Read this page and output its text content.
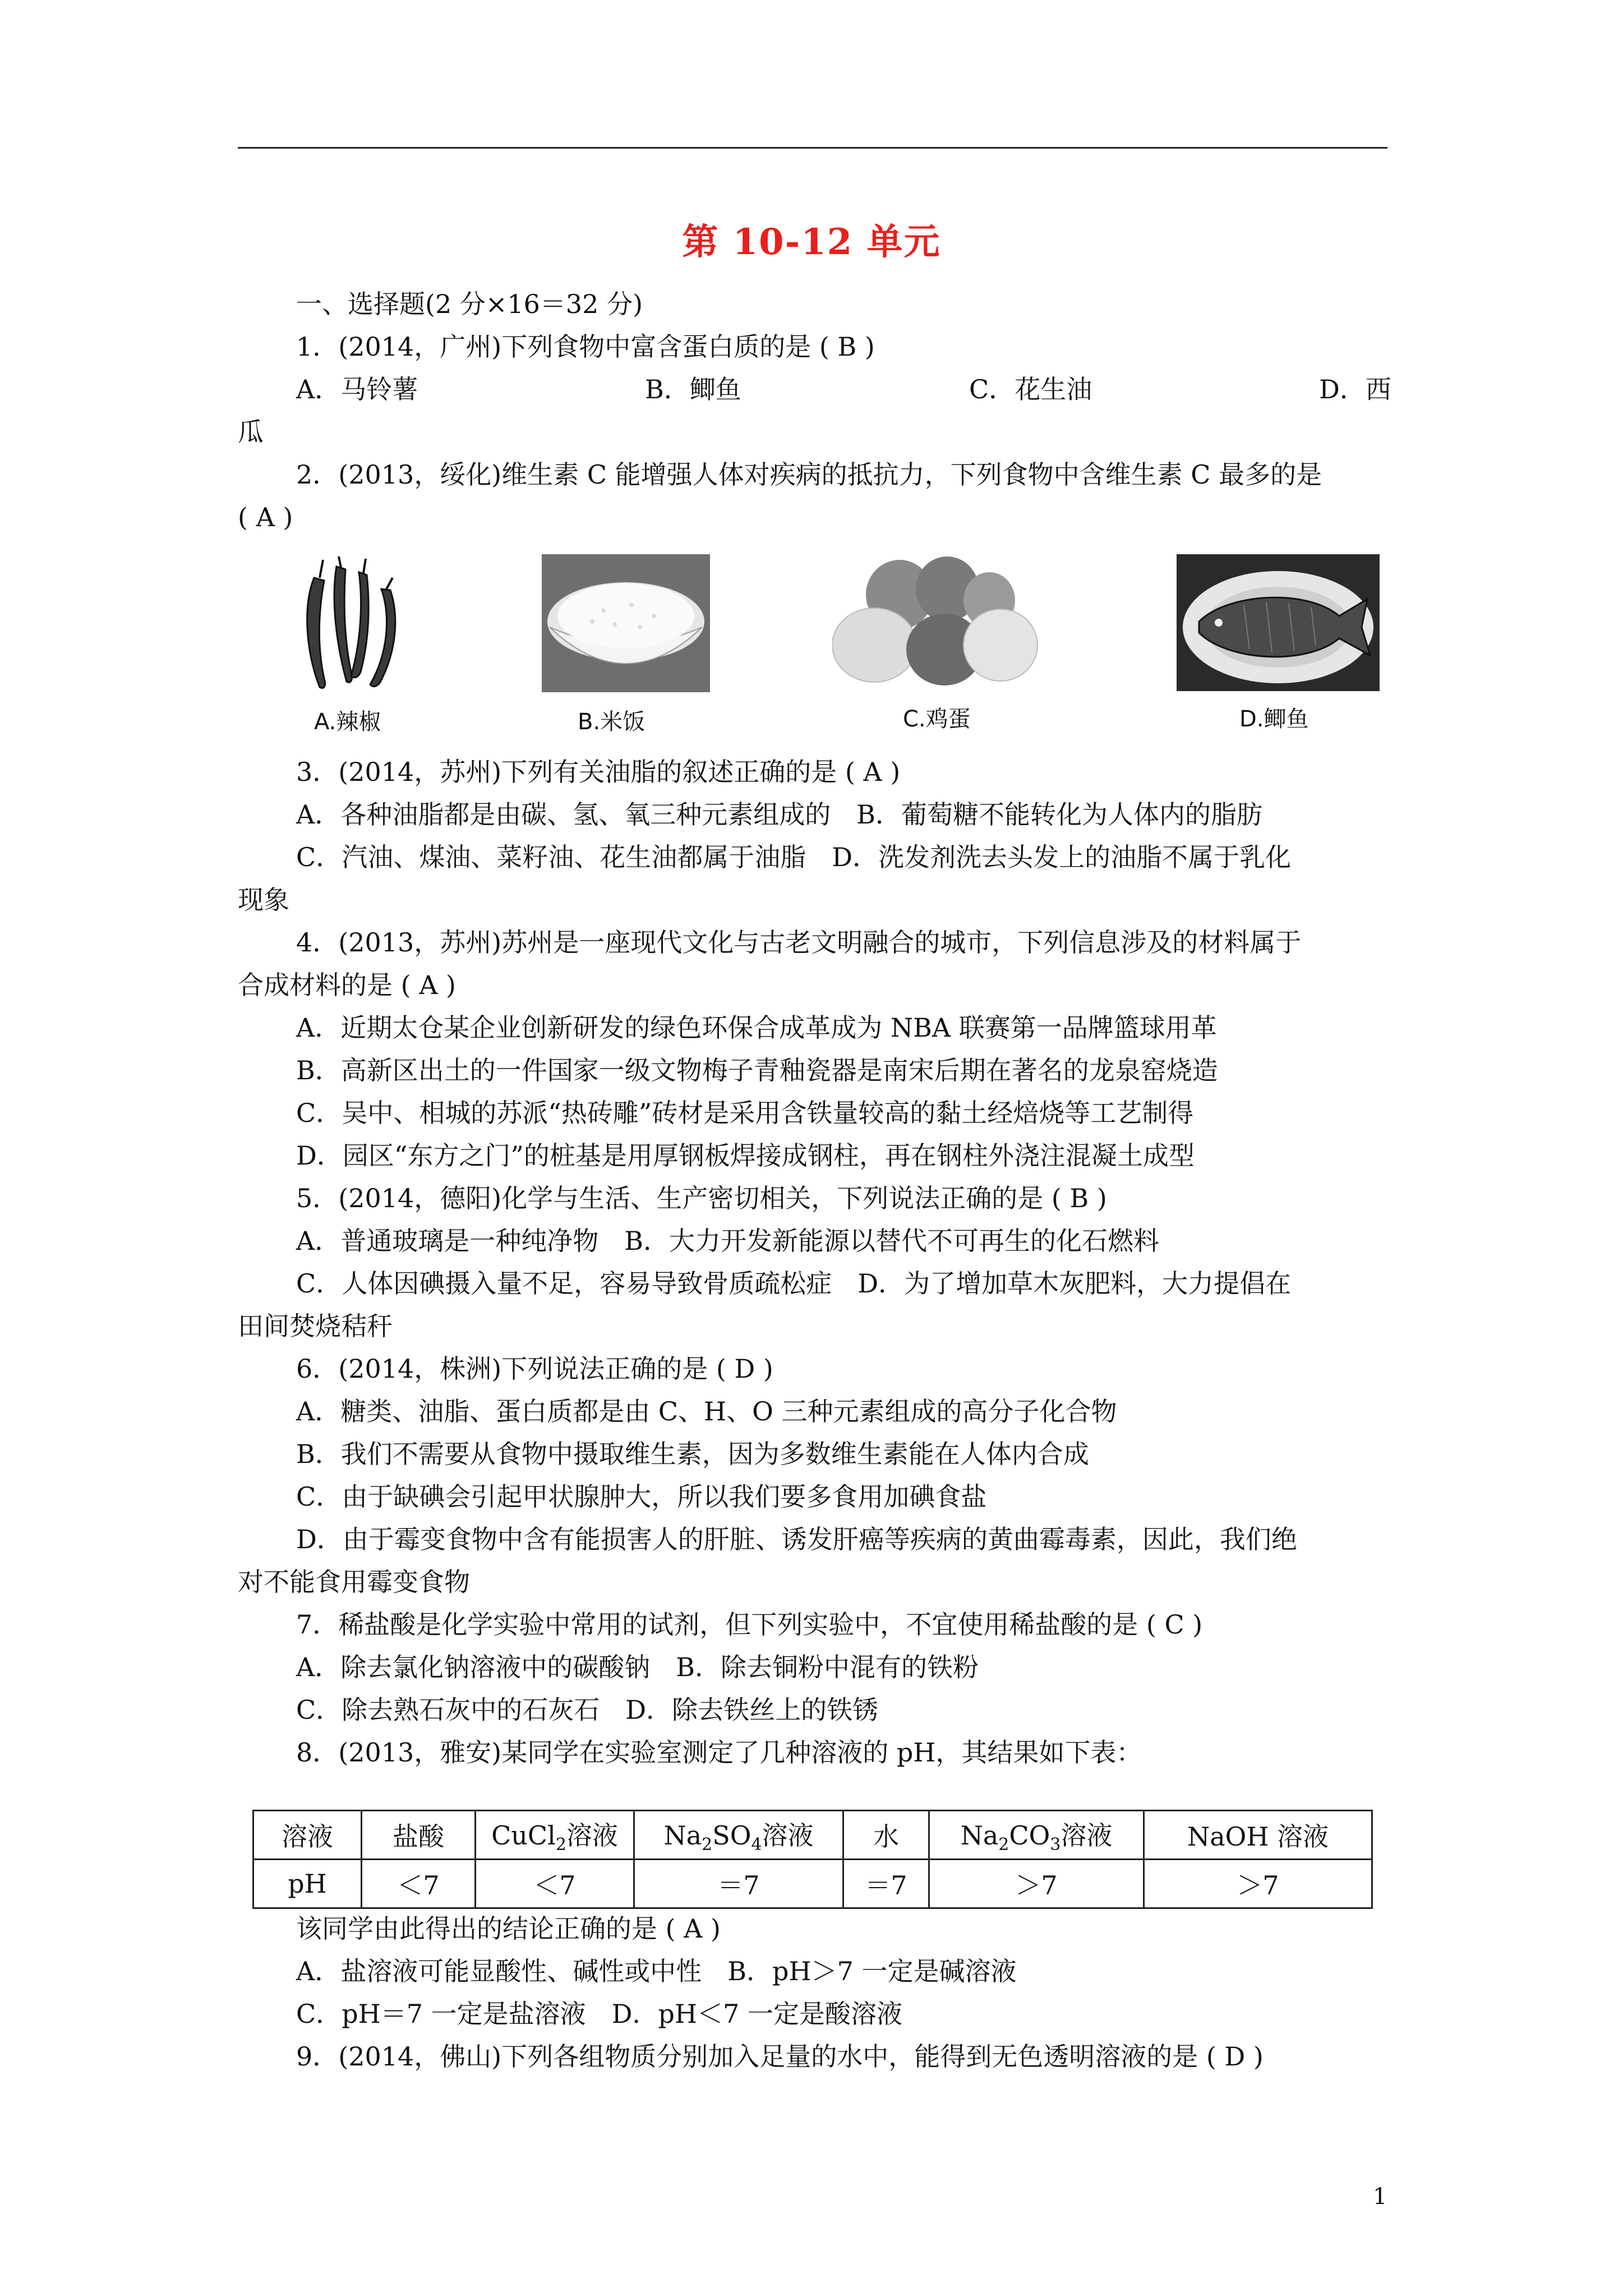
第 10-12 单元
一、选择题(2 分×16＝32 分)
1．(2014，广州)下列食物中富含蛋白质的是 ( B )
A．马铃薯	B．鲫鱼	C．花生油	D．西
瓜
2．(2013，绥化)维生素 C 能增强人体对疾病的抵抗力，下列食物中含维生素 C 最多的是
( A )
A.辣椒	B.米饭	C.鸡蛋	D.鲫鱼
3．(2014，苏州)下列有关油脂的叙述正确的是 ( A )
A．各种油脂都是由碳、氢、氧三种元素组成的　B．葡萄糖不能转化为人体内的脂肪
C．汽油、煤油、菜籽油、花生油都属于油脂　D．洗发剂洗去头发上的油脂不属于乳化
现象
4．(2013，苏州)苏州是一座现代文化与古老文明融合的城市，下列信息涉及的材料属于
合成材料的是 ( A )
A．近期太仓某企业创新研发的绿色环保合成革成为 NBA 联赛第一品牌篮球用革
B．高新区出土的一件国家一级文物梅子青釉瓷器是南宋后期在著名的龙泉窑烧造
C．吴中、相城的苏派“热砖雕”砖材是采用含铁量较高的黏土经焙烧等工艺制得
D．园区“东方之门”的桩基是用厚钢板焊接成钢柱，再在钢柱外浇注混凝土成型
5．(2014，德阳)化学与生活、生产密切相关，下列说法正确的是 ( B )
A．普通玻璃是一种纯净物　B．大力开发新能源以替代不可再生的化石燃料
C．人体因碘摄入量不足，容易导致骨质疏松症　D．为了增加草木灰肥料，大力提倡在
田间焚烧秸秆
6．(2014，株洲)下列说法正确的是 ( D )
A．糖类、油脂、蛋白质都是由 C、H、O 三种元素组成的高分子化合物
B．我们不需要从食物中摄取维生素，因为多数维生素能在人体内合成
C．由于缺碘会引起甲状腺肿大，所以我们要多食用加碘食盐
D．由于霉变食物中含有能损害人的肝脏、诱发肝癌等疾病的黄曲霉毒素，因此，我们绝
对不能食用霉变食物
7．稀盐酸是化学实验中常用的试剂，但下列实验中，不宜使用稀盐酸的是 ( C )
A．除去氯化钠溶液中的碳酸钠　B．除去铜粉中混有的铁粉
C．除去熟石灰中的石灰石　D．除去铁丝上的铁锈
8．(2013，雅安)某同学在实验室测定了几种溶液的 pH，其结果如下表：
溶液	盐酸	CuCl$_2$溶液	$Na_2SO_4$溶液	水	$Na_2CO_3$溶液	NaOH 溶液
pH	＜7	＜7	＝7	＝7	＞7	＞7
该同学由此得出的结论正确的是 ( A )
A．盐溶液可能显酸性、碱性或中性　B．pH＞7 一定是碱溶液
C．pH＝7 一定是盐溶液　D．pH＜7 一定是酸溶液
9．(2014，佛山)下列各组物质分别加入足量的水中，能得到无色透明溶液的是 ( D )
1
